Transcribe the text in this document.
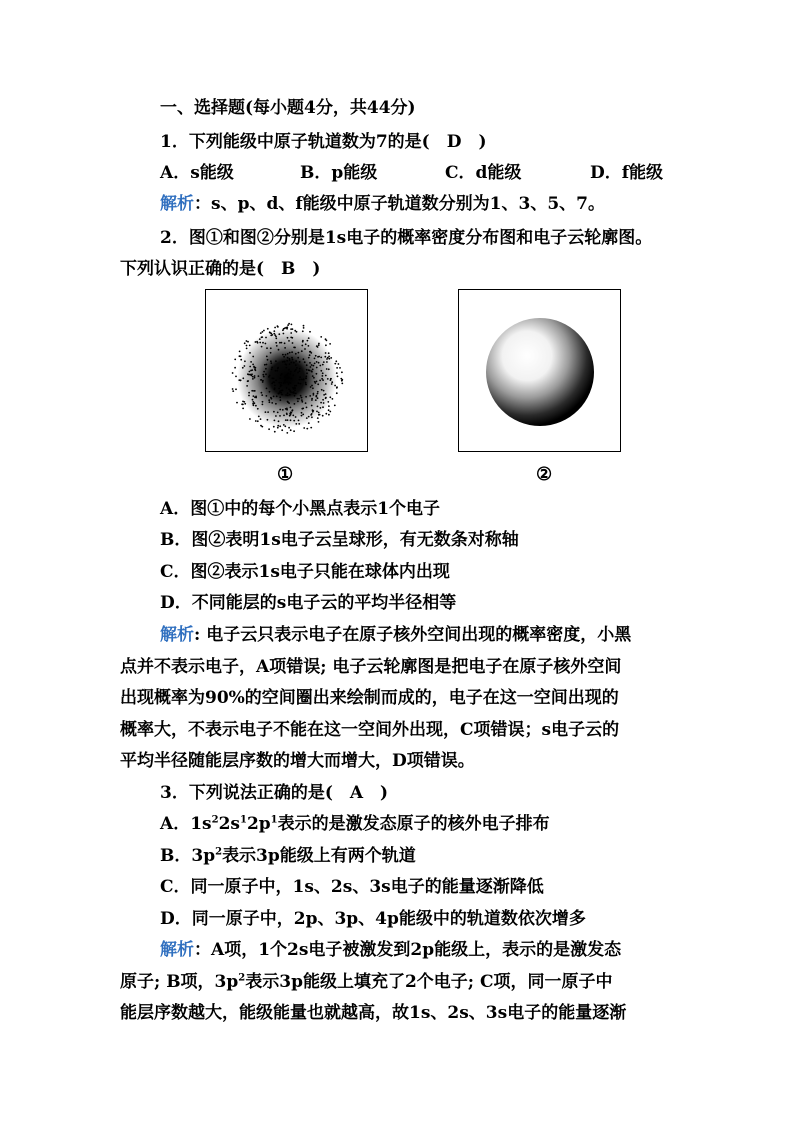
一、选择题(每小题4分，共44分)
1．下列能级中原子轨道数为7的是(　D　)
A．s能级	B．p能级	C．d能级	D．f能级
解析：s、p、d、f能级中原子轨道数分别为1、3、5、7。
2．图①和图②分别是1s电子的概率密度分布图和电子云轮廓图。
下列认识正确的是(　B　)
①	②
A．图①中的每个小黑点表示1个电子
B．图②表明1s电子云呈球形，有无数条对称轴
C．图②表示1s电子只能在球体内出现
D．不同能层的s电子云的平均半径相等
解析: 电子云只表示电子在原子核外空间出现的概率密度，小黑
点并不表示电子，A项错误; 电子云轮廓图是把电子在原子核外空间
出现概率为90%的空间圈出来绘制而成的，电子在这一空间出现的
概率大，不表示电子不能在这一空间外出现，C项错误；s电子云的
平均半径随能层序数的增大而增大，D项错误。
3．下列说法正确的是(　A　)
A．$1s^22s^12p^1$表示的是激发态原子的核外电子排布
B．$3p^2$表示3p能级上有两个轨道
C．同一原子中，1s、2s、3s电子的能量逐渐降低
D．同一原子中，2p、3p、4p能级中的轨道数依次增多
解析：A项，1个2s电子被激发到2p能级上，表示的是激发态
原子; B项，$3p^2$表示3p能级上填充了2个电子; C项，同一原子中
能层序数越大，能级能量也就越高，故1s、2s、3s电子的能量逐渐
